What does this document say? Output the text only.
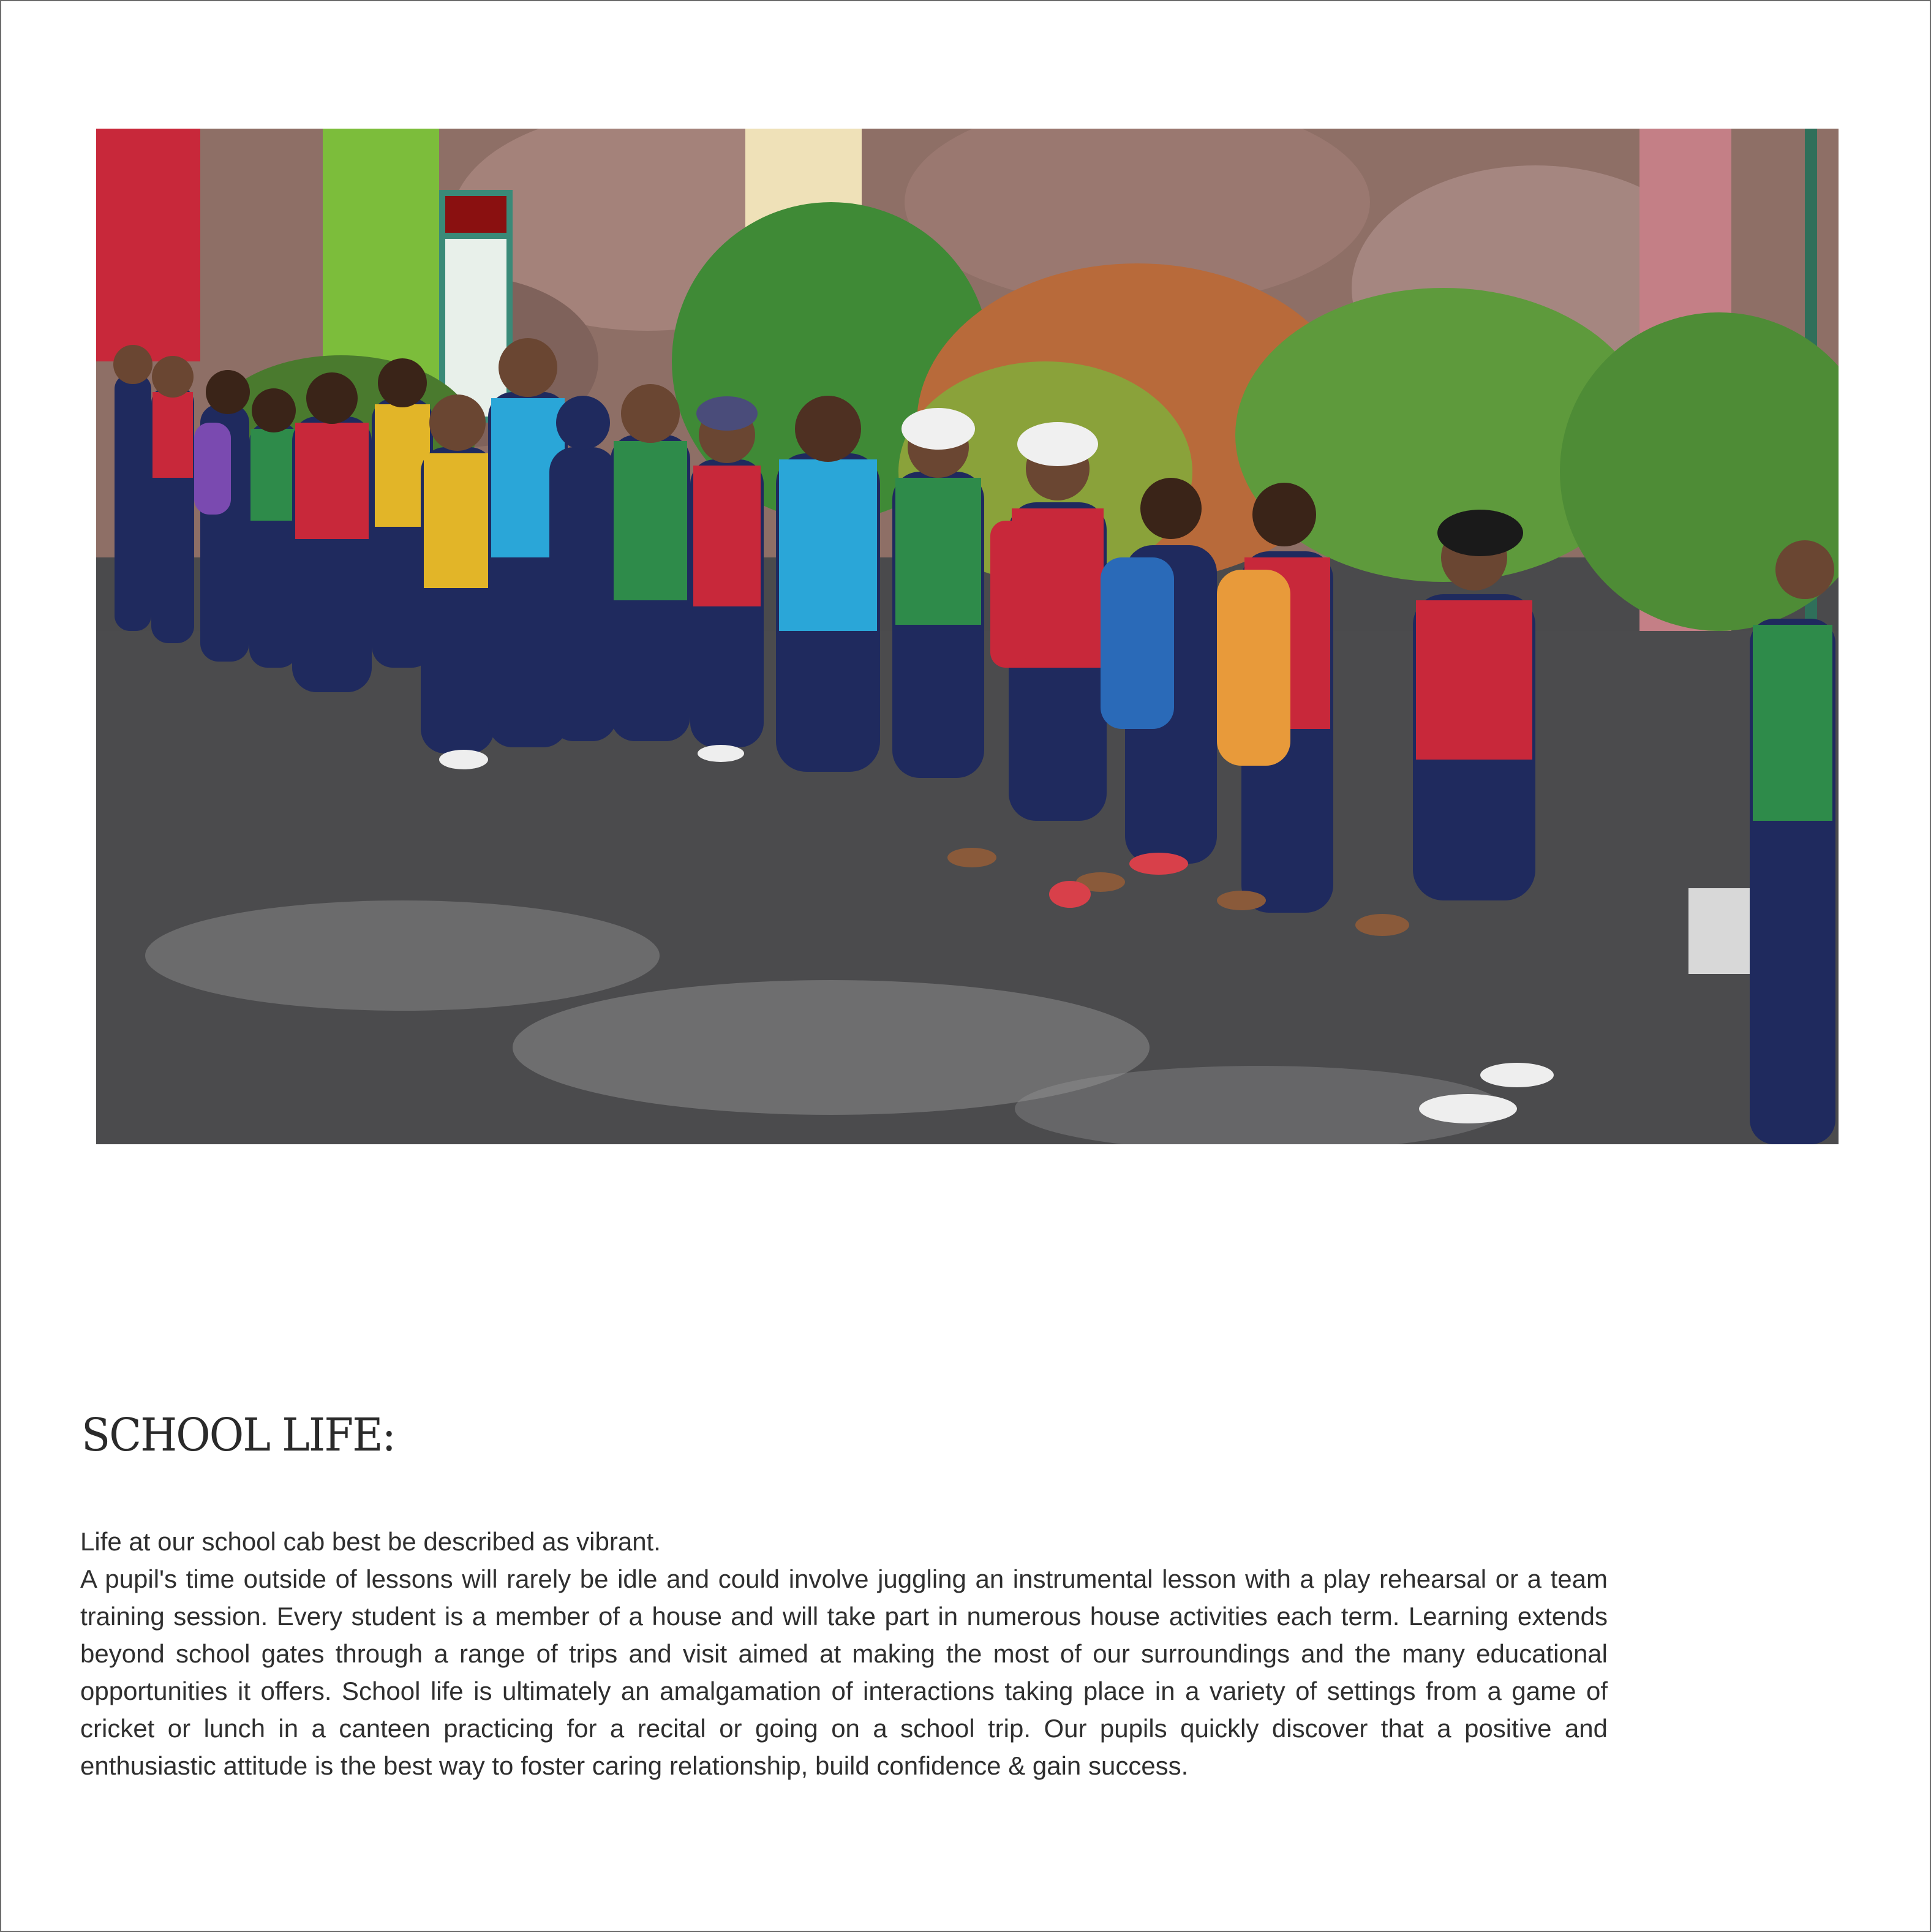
SCHOOL LIFE:

Life at our school cab best be described as vibrant.

A pupil's time outside of lessons will rarely be idle and could involve juggling an instrumental lesson with a play rehearsal or a team training session. Every student is a member of a house and will take part in numerous house activities each term. Learning extends beyond school gates through a range of trips and visit aimed at making the most of our surroundings and the many educational opportunities it offers. School life is ultimately an amalgamation of interactions taking place in a variety of settings from a game of cricket or lunch in a canteen practicing for a recital or going on a school trip. Our pupils quickly discover that a positive and enthusiastic attitude is the best way to foster caring relationship, build confidence & gain success.
